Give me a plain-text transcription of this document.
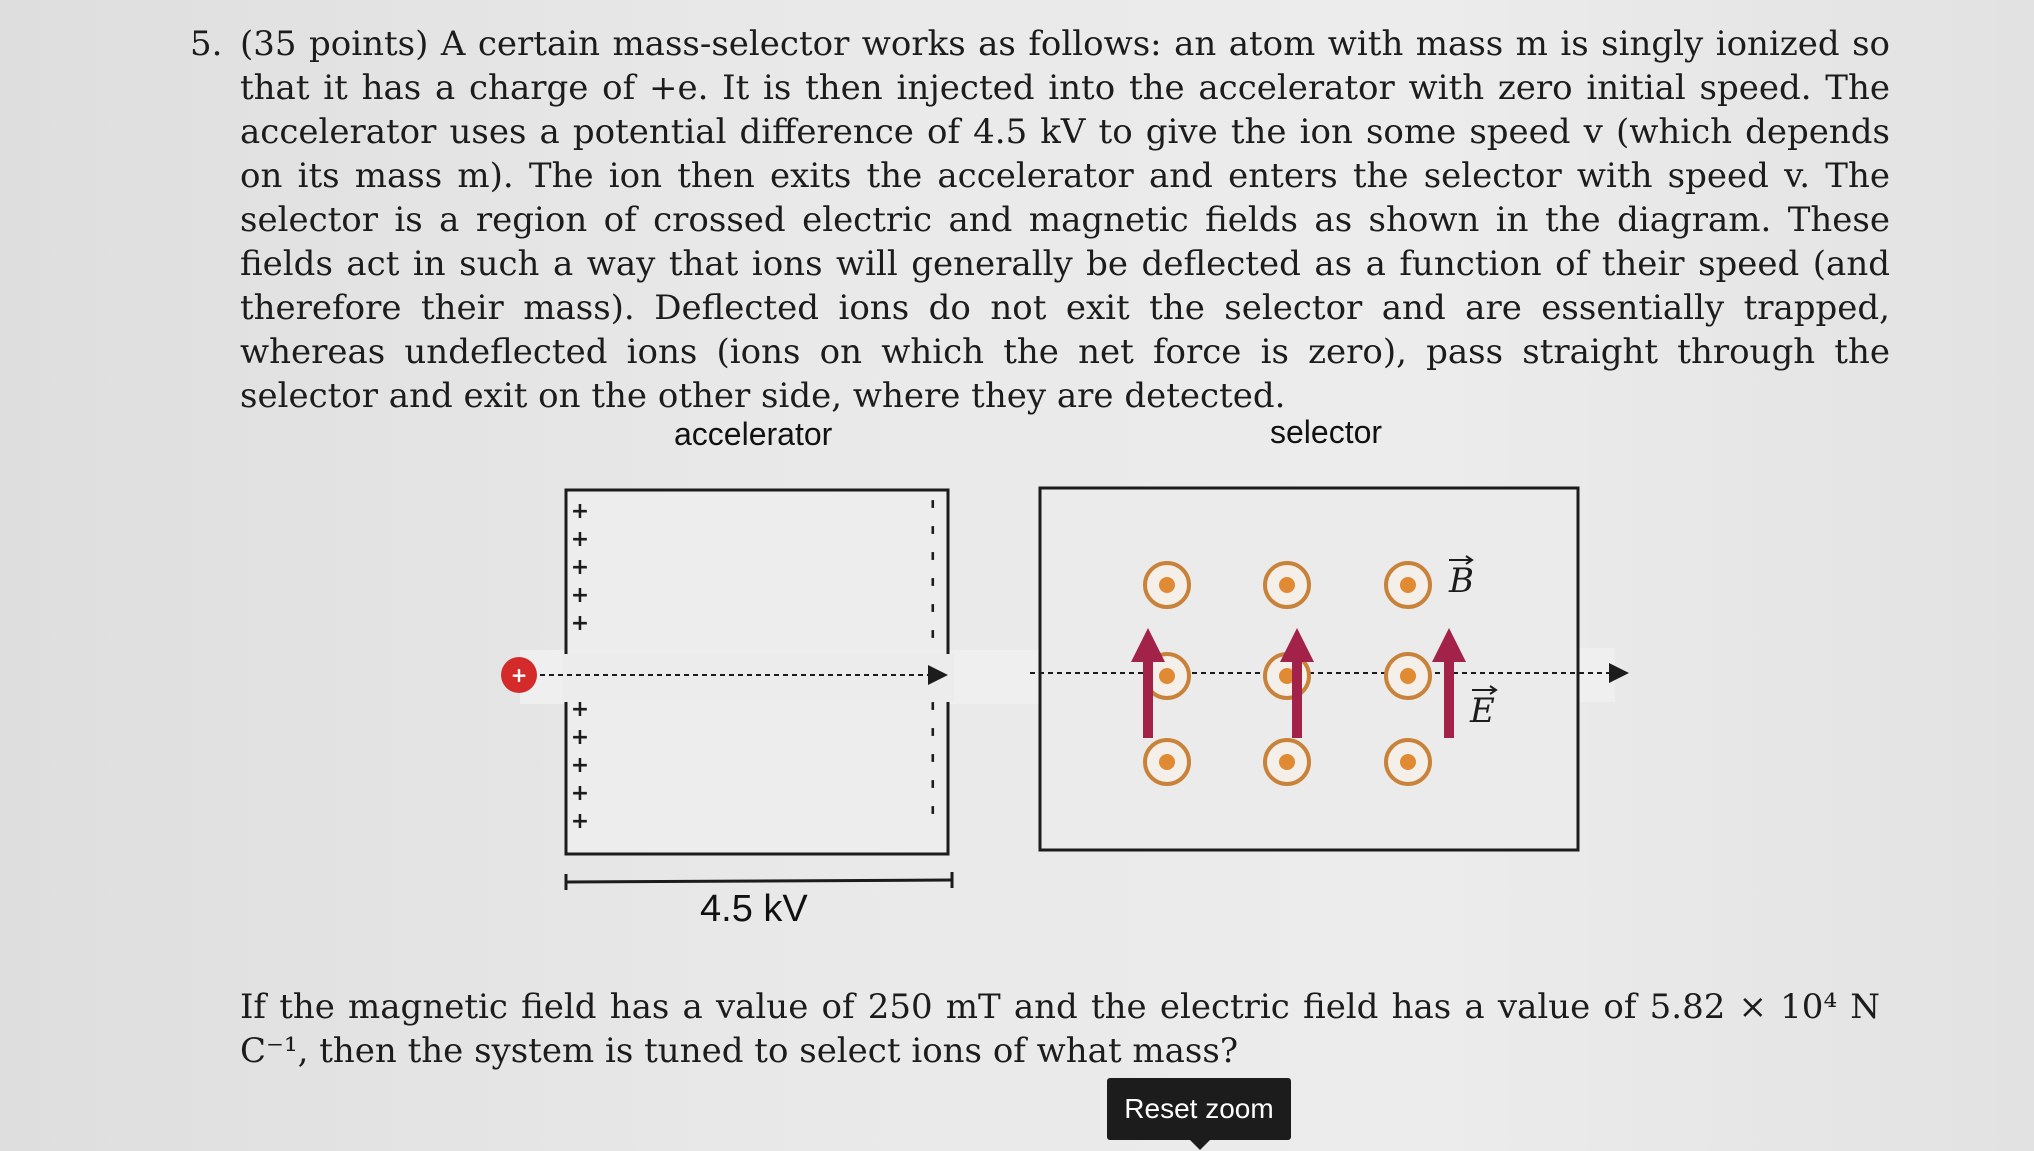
5. (35 points) A certain mass-selector works as follows: an atom with mass m is singly ionized so that it has a charge of +e. It is then injected into the accelerator with zero initial speed. The accelerator uses a potential difference of 4.5 kV to give the ion some speed v (which depends on its mass m). The ion then exits the accelerator and enters the selector with speed v. The selector is a region of crossed electric and magnetic fields as shown in the diagram. These fields act in such a way that ions will generally be deflected as a function of their speed (and therefore their mass). Deflected ions do not exit the selector and are essentially trapped, whereas undeflected ions (ions on which the net force is zero), pass straight through the selector and exit on the other side, where they are detected.
accelerator	selector
+
+
+
+
+
+
+
+
+
+
–
–
–
–
–
–
–
–
–
–
–
+
B
E
4.5 kV
If the magnetic field has a value of 250 mT and the electric field has a value of 5.82 × 10⁴ N C⁻¹, then the system is tuned to select ions of what mass?
Reset zoom
